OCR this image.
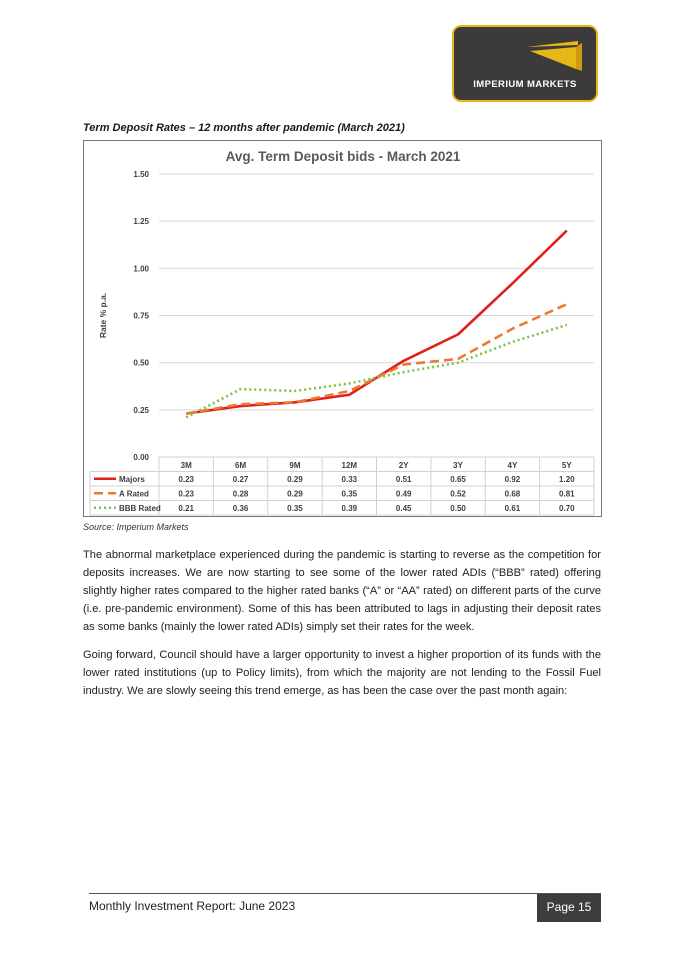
IMPERIUM MARKETS
Term Deposit Rates – 12 months after pandemic (March 2021)
Avg. Term Deposit bids - March 2021
Rate % p.a.
0.00
0.25
0.50
0.75
1.00
1.25
1.50
3M	6M	9M	12M	2Y	3Y	4Y	5Y
Majors	0.23	0.27	0.29	0.33	0.51	0.65	0.92	1.20
A Rated	0.23	0.28	0.29	0.35	0.49	0.52	0.68	0.81
BBB Rated 0.21	0.36	0.35	0.39	0.45	0.50	0.61	0.70
Source: Imperium Markets

The abnormal marketplace experienced during the pandemic is starting to reverse as the competition for deposits increases. We are now starting to see some of the lower rated ADIs (“BBB” rated) offering slightly higher rates compared to the higher rated banks (“A” or “AA” rated) on different parts of the curve (i.e. pre-pandemic environment). Some of this has been attributed to lags in adjusting their deposit rates as some banks (mainly the lower rated ADIs) simply set their rates for the week.

Going forward, Council should have a larger opportunity to invest a higher proportion of its funds with the lower rated institutions (up to Policy limits), from which the majority are not lending to the Fossil Fuel industry. We are slowly seeing this trend emerge, as has been the case over the past month again:

Monthly Investment Report: June 2023	Page 15
